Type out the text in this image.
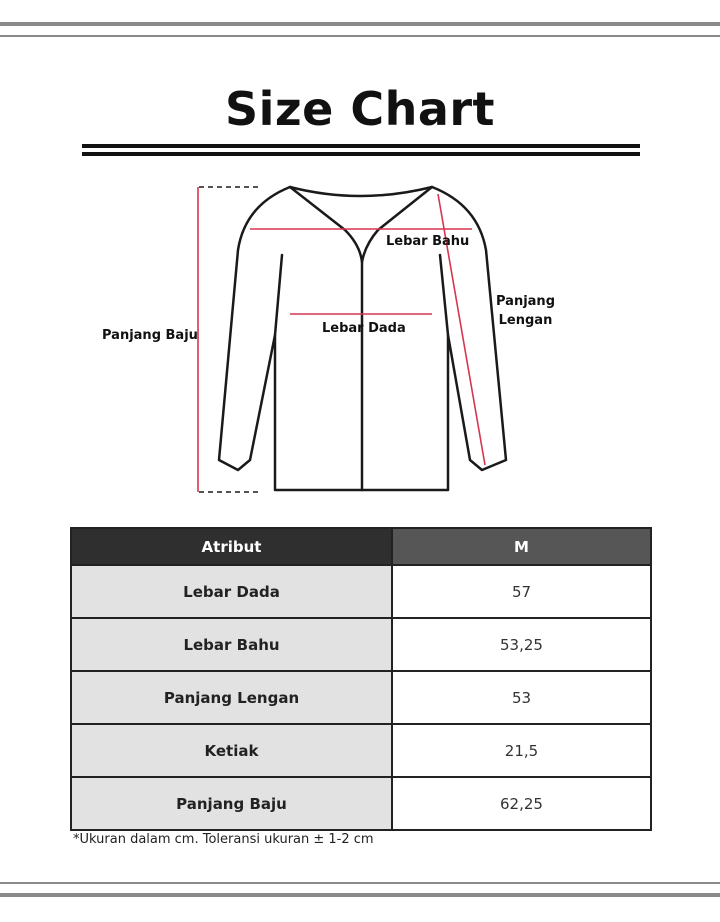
Size Chart
Panjang Baju	Lebar Dada
Lebar Bahu
Panjang
Lengan
Atribut	M
Lebar Dada	57
Lebar Bahu	53,25
Panjang Lengan	53
Ketiak	21,5
Panjang Baju	62,25
*Ukuran dalam cm. Toleransi ukuran ± 1-2 cm
